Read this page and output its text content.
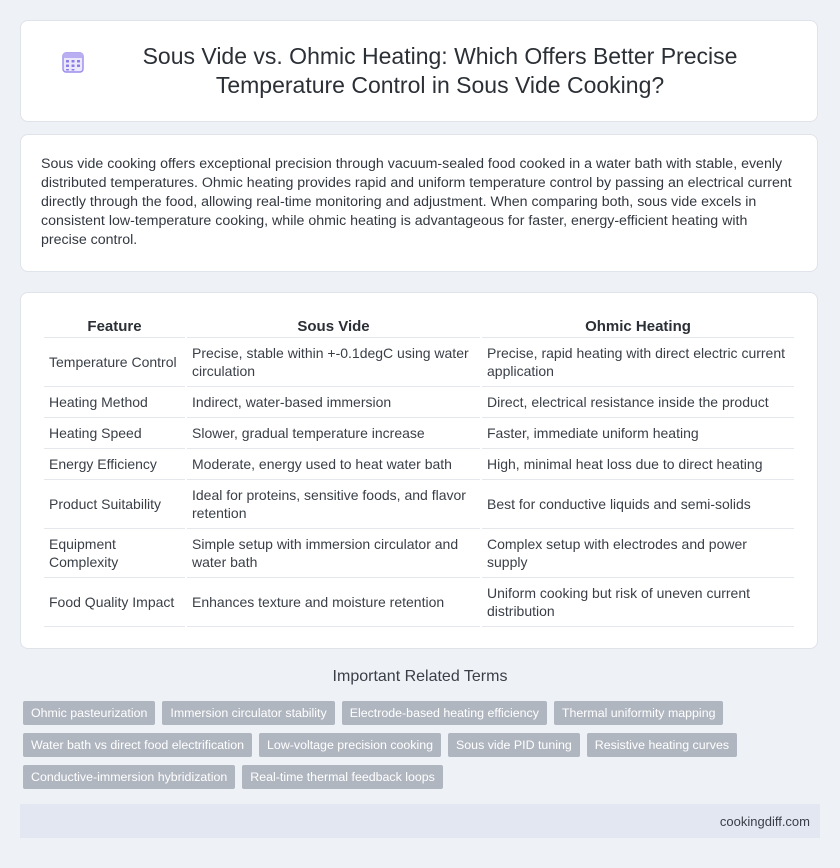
Sous Vide vs. Ohmic Heating: Which Offers Better Precise Temperature Control in Sous Vide Cooking?

Sous vide cooking offers exceptional precision through vacuum-sealed food cooked in a water bath with stable, evenly distributed temperatures. Ohmic heating provides rapid and uniform temperature control by passing an electrical current directly through the food, allowing real-time monitoring and adjustment. When comparing both, sous vide excels in consistent low-temperature cooking, while ohmic heating is advantageous for faster, energy-efficient heating with precise control.

Feature	Sous Vide	Ohmic Heating
Temperature Control	Precise, stable within +-0.1degC using water circulation	Precise, rapid heating with direct electric current application
Heating Method	Indirect, water-based immersion	Direct, electrical resistance inside the product
Heating Speed	Slower, gradual temperature increase	Faster, immediate uniform heating
Energy Efficiency	Moderate, energy used to heat water bath	High, minimal heat loss due to direct heating
Product Suitability	Ideal for proteins, sensitive foods, and flavor retention	Best for conductive liquids and semi-solids
Equipment Complexity	Simple setup with immersion circulator and water bath	Complex setup with electrodes and power supply
Food Quality Impact	Enhances texture and moisture retention	Uniform cooking but risk of uneven current distribution
Important Related Terms
Ohmic pasteurization	Immersion circulator stability	Electrode-based heating efficiency	Thermal uniformity mapping
Water bath vs direct food electrification	Low-voltage precision cooking	Sous vide PID tuning	Resistive heating curves
Conductive-immersion hybridization	Real-time thermal feedback loops
cookingdiff.com
